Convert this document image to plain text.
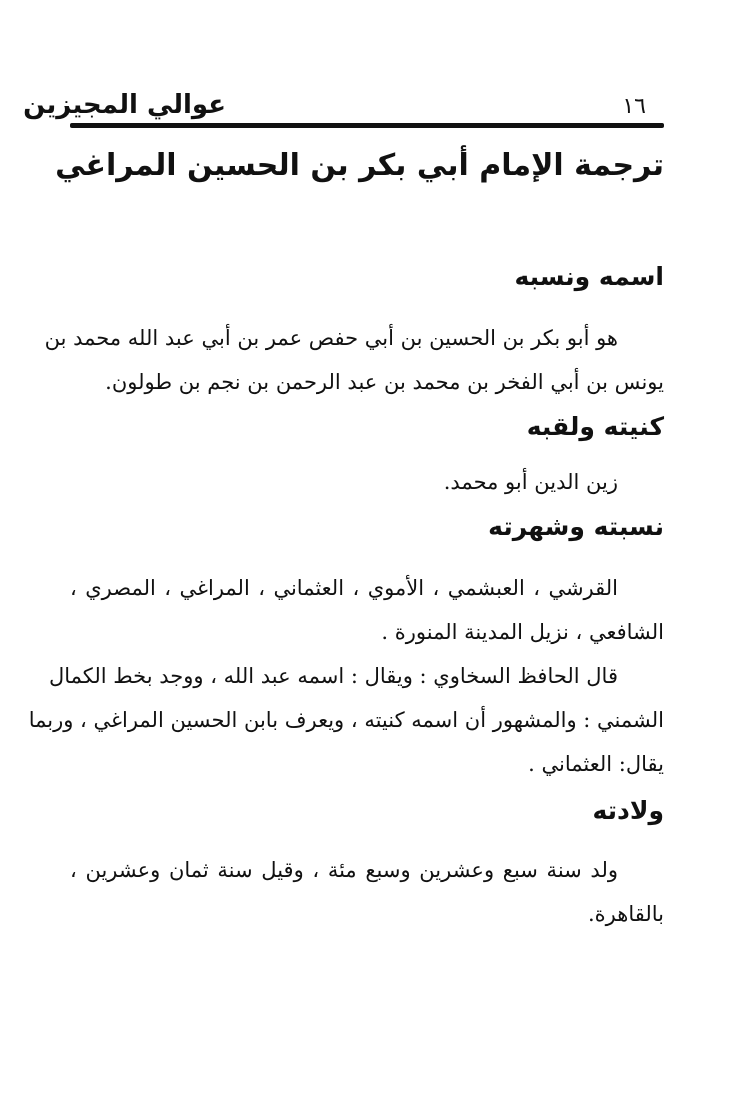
عوالي المجيزين	١٦
ترجمة الإمام أبي بكر بن الحسين المراغي
اسمه ونسبه
هو أبو بكر بن الحسين بن أبي حفص عمر بن أبي عبد الله محمد بن
يونس بن أبي الفخر بن محمد بن عبد الرحمن بن نجم بن طولون.
كنيته ولقبه
زين الدين أبو محمد.
نسبته وشهرته
القرشي ، العبشمي ، الأموي ، العثماني ، المراغي ، المصري ،
الشافعي ، نزيل المدينة المنورة .
قال الحافظ السخاوي : ويقال : اسمه عبد الله ، ووجد بخط الكمال
الشمني : والمشهور أن اسمه كنيته ، ويعرف بابن الحسين المراغي ، وربما
يقال: العثماني .
ولادته
ولد سنة سبع وعشرين وسبع مئة ، وقيل سنة ثمان وعشرين ،
بالقاهرة.
